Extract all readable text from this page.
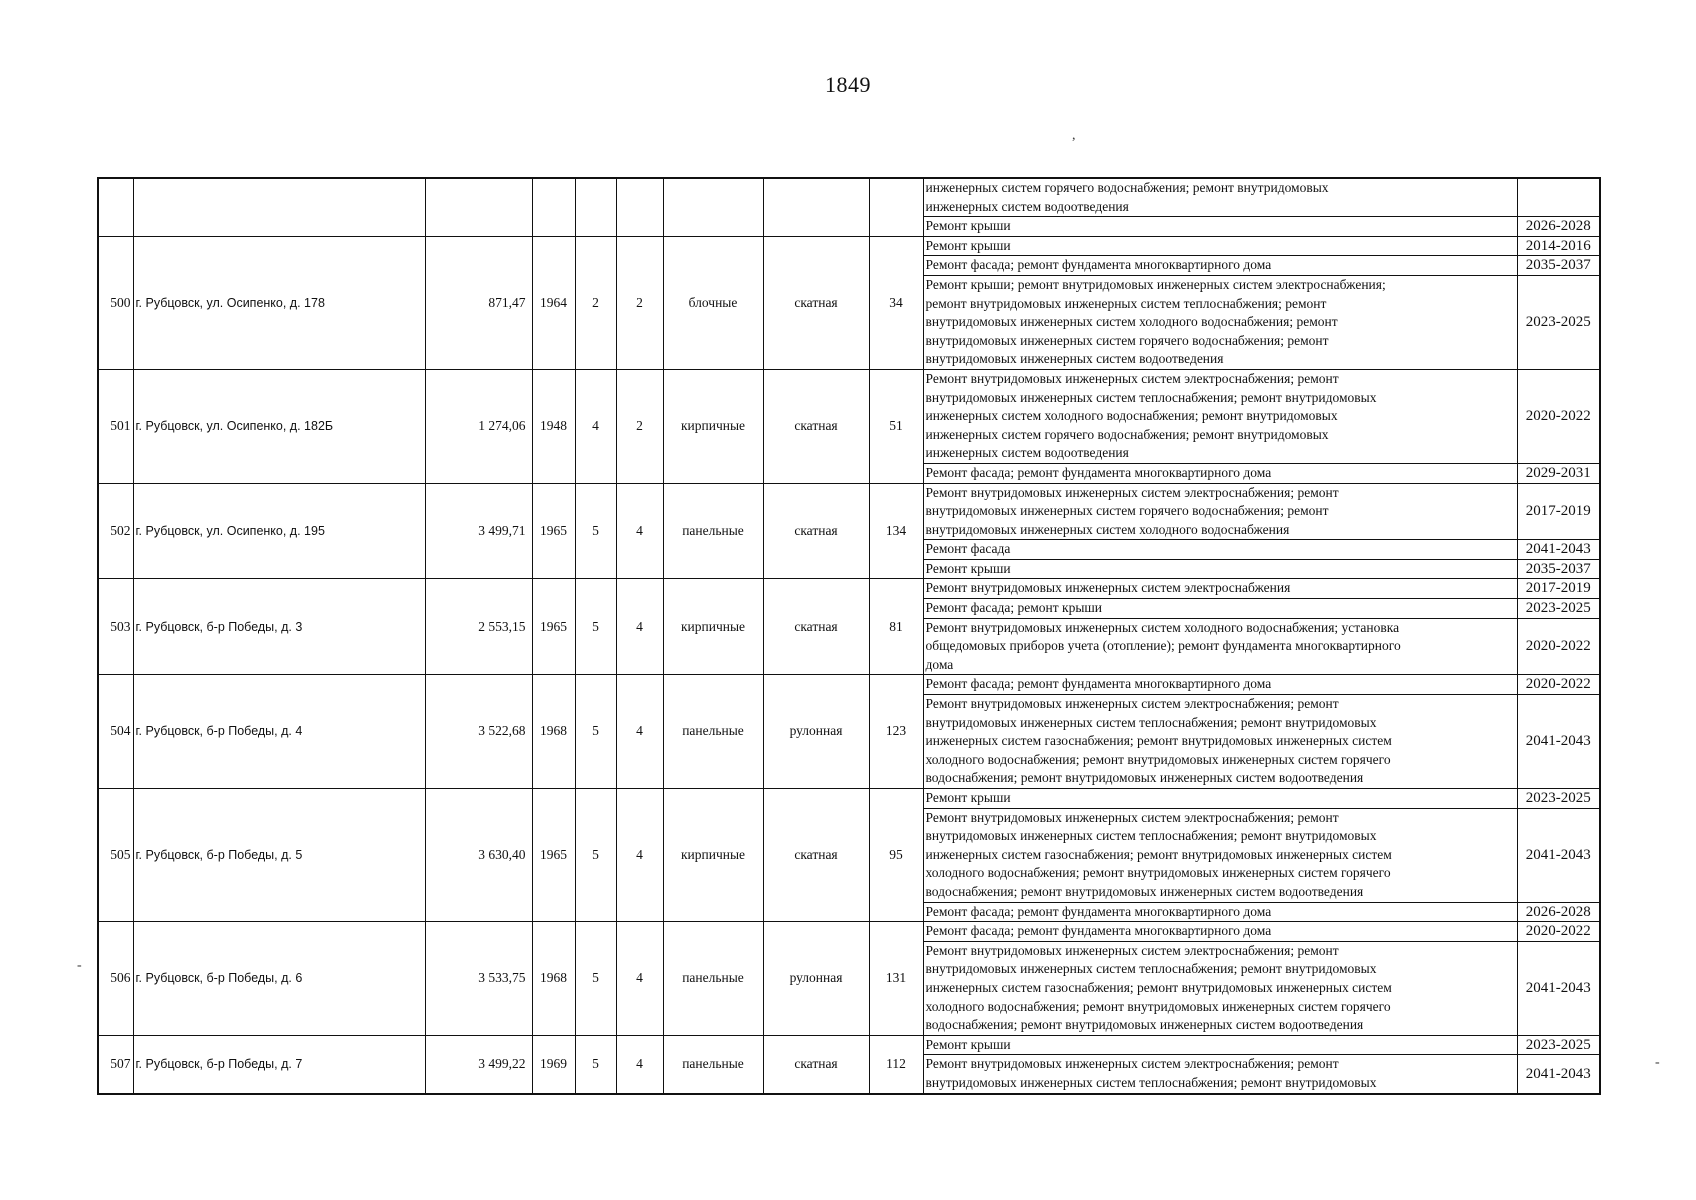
1849
,
-
-

									инженерных систем горячего водоснабжения; ремонт внутридомовых
инженерных систем водоотведения	

									Ремонт крыши	2026-2028
500	г. Рубцовск, ул. Осипенко, д. 178	871,47	1964	2	2	блочные	скатная	34	Ремонт крыши	2014-2016

									Ремонт фасада; ремонт фундамента многоквартирного дома	2035-2037

									Ремонт крыши; ремонт внутридомовых инженерных систем электроснабжения;
ремонт внутридомовых инженерных систем теплоснабжения; ремонт
внутридомовых инженерных систем холодного водоснабжения; ремонт
внутридомовых инженерных систем горячего водоснабжения; ремонт
внутридомовых инженерных систем водоотведения	2023-2025
501	г. Рубцовск, ул. Осипенко, д. 182Б	1 274,06	1948	4	2	кирпичные	скатная	51	Ремонт внутридомовых инженерных систем электроснабжения; ремонт
внутридомовых инженерных систем теплоснабжения; ремонт внутридомовых
инженерных систем холодного водоснабжения; ремонт внутридомовых
инженерных систем горячего водоснабжения; ремонт внутридомовых
инженерных систем водоотведения	2020-2022

									Ремонт фасада; ремонт фундамента многоквартирного дома	2029-2031
502	г. Рубцовск, ул. Осипенко, д. 195	3 499,71	1965	5	4	панельные	скатная	134	Ремонт внутридомовых инженерных систем электроснабжения; ремонт
внутридомовых инженерных систем горячего водоснабжения; ремонт
внутридомовых инженерных систем холодного водоснабжения	2017-2019

									Ремонт фасада	2041-2043

									Ремонт крыши	2035-2037
503	г. Рубцовск, б-р Победы, д. 3	2 553,15	1965	5	4	кирпичные	скатная	81	Ремонт внутридомовых инженерных систем электроснабжения	2017-2019

									Ремонт фасада; ремонт крыши	2023-2025

									Ремонт внутридомовых инженерных систем холодного водоснабжения; установка
общедомовых приборов учета (отопление); ремонт фундамента многоквартирного
дома	2020-2022
504	г. Рубцовск, б-р Победы, д. 4	3 522,68	1968	5	4	панельные	рулонная	123	Ремонт фасада; ремонт фундамента многоквартирного дома	2020-2022

									Ремонт внутридомовых инженерных систем электроснабжения; ремонт
внутридомовых инженерных систем теплоснабжения; ремонт внутридомовых
инженерных систем газоснабжения; ремонт внутридомовых инженерных систем
холодного водоснабжения; ремонт внутридомовых инженерных систем горячего
водоснабжения; ремонт внутридомовых инженерных систем водоотведения	2041-2043
505	г. Рубцовск, б-р Победы, д. 5	3 630,40	1965	5	4	кирпичные	скатная	95	Ремонт крыши	2023-2025

									Ремонт внутридомовых инженерных систем электроснабжения; ремонт
внутридомовых инженерных систем теплоснабжения; ремонт внутридомовых
инженерных систем газоснабжения; ремонт внутридомовых инженерных систем
холодного водоснабжения; ремонт внутридомовых инженерных систем горячего
водоснабжения; ремонт внутридомовых инженерных систем водоотведения	2041-2043

									Ремонт фасада; ремонт фундамента многоквартирного дома	2026-2028
506	г. Рубцовск, б-р Победы, д. 6	3 533,75	1968	5	4	панельные	рулонная	131	Ремонт фасада; ремонт фундамента многоквартирного дома	2020-2022

									Ремонт внутридомовых инженерных систем электроснабжения; ремонт
внутридомовых инженерных систем теплоснабжения; ремонт внутридомовых
инженерных систем газоснабжения; ремонт внутридомовых инженерных систем
холодного водоснабжения; ремонт внутридомовых инженерных систем горячего
водоснабжения; ремонт внутридомовых инженерных систем водоотведения	2041-2043
507	г. Рубцовск, б-р Победы, д. 7	3 499,22	1969	5	4	панельные	скатная	112	Ремонт крыши	2023-2025

									Ремонт внутридомовых инженерных систем электроснабжения; ремонт
внутридомовых инженерных систем теплоснабжения; ремонт внутридомовых	2041-2043
